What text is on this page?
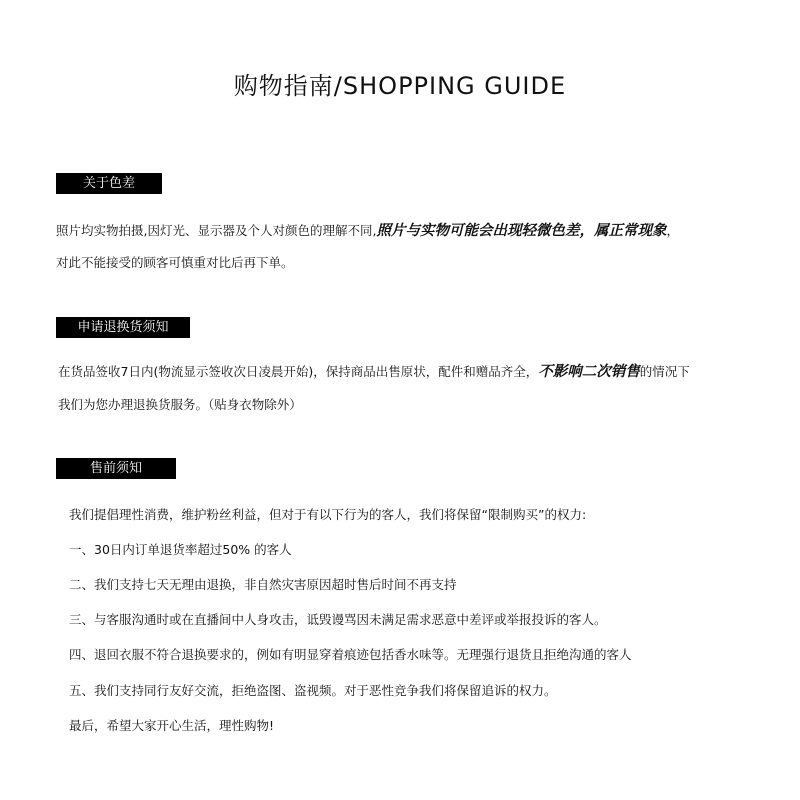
购物指南/SHOPPING GUIDE
关于色差
照片均实物拍摄,因灯光、显示器及个人对颜色的理解不同,照片与实物可能会出现轻微色差，属正常现象，
对此不能接受的顾客可慎重对比后再下单。
申请退换货须知
在货品签收7日内(物流显示签收次日凌晨开始)，保持商品出售原状，配件和赠品齐全，不影响二次销售的情况下
我们为您办理退换货服务。（贴身衣物除外）
售前须知
我们提倡理性消费，维护粉丝利益，但对于有以下行为的客人，我们将保留“限制购买”的权力:
一、30日内订单退货率超过50% 的客人
二、我们支持七天无理由退换，非自然灾害原因超时售后时间不再支持
三、与客服沟通时或在直播间中人身攻击，诋毁谩骂因未满足需求恶意中差评或举报投诉的客人。
四、退回衣服不符合退换要求的，例如有明显穿着痕迹包括香水味等。无理强行退货且拒绝沟通的客人
五、我们支持同行友好交流，拒绝盗图、盗视频。对于恶性竞争我们将保留追诉的权力。
最后，希望大家开心生活，理性购物!
